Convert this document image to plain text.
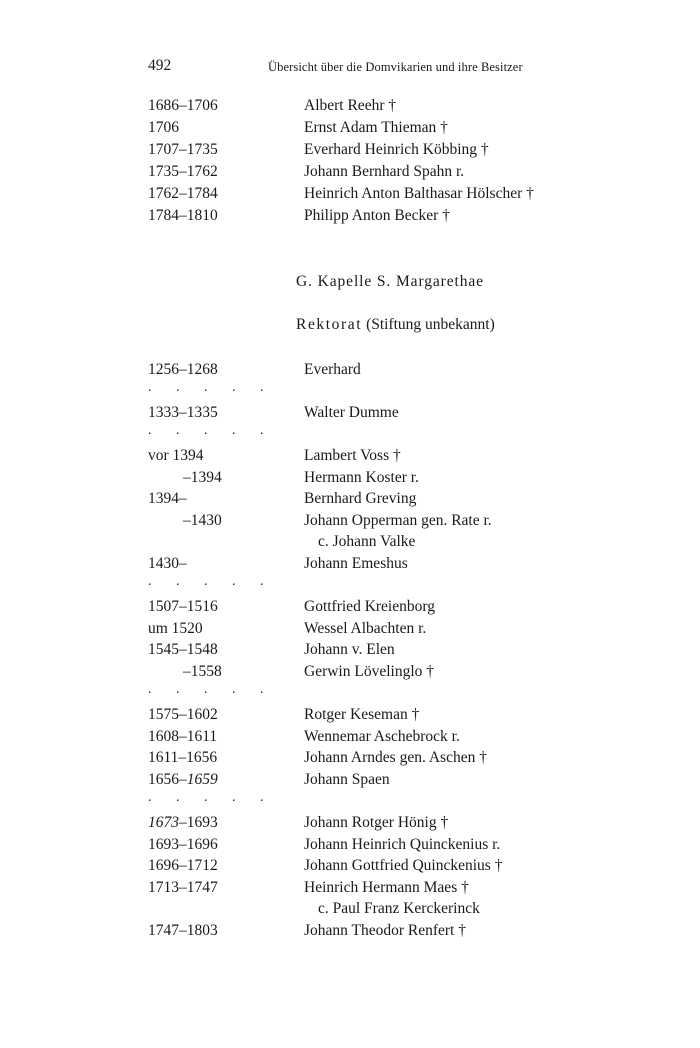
492	Übersicht über die Domvikarien und ihre Besitzer
1686–1706	Albert Reehr †
1706	Ernst Adam Thieman †
1707–1735	Everhard Heinrich Köbbing †
1735–1762	Johann Bernhard Spahn r.
1762–1784	Heinrich Anton Balthasar Hölscher †
1784–1810	Philipp Anton Becker †
G. Kapelle S. Margarethae
Rektorat (Stiftung unbekannt)
1256–1268	Everhard
. . . . .
1333–1335	Walter Dumme
. . . . .
vor 1394	Lambert Voss †
–1394	Hermann Koster r.
1394–	Bernhard Greving
–1430	Johann Opperman gen. Rate r.
c. Johann Valke
1430–	Johann Emeshus
. . . . .
1507–1516	Gottfried Kreienborg
um 1520	Wessel Albachten r.
1545–1548	Johann v. Elen
–1558	Gerwin Lövelinglo †
. . . . .
1575–1602	Rotger Keseman †
1608–1611	Wennemar Aschebrock r.
1611–1656	Johann Arndes gen. Aschen †
1656–1659	Johann Spaen
. . . . .
1673–1693	Johann Rotger Hönig †
1693–1696	Johann Heinrich Quinckenius r.
1696–1712	Johann Gottfried Quinckenius †
1713–1747	Heinrich Hermann Maes †
c. Paul Franz Kerckerinck
1747–1803	Johann Theodor Renfert †
